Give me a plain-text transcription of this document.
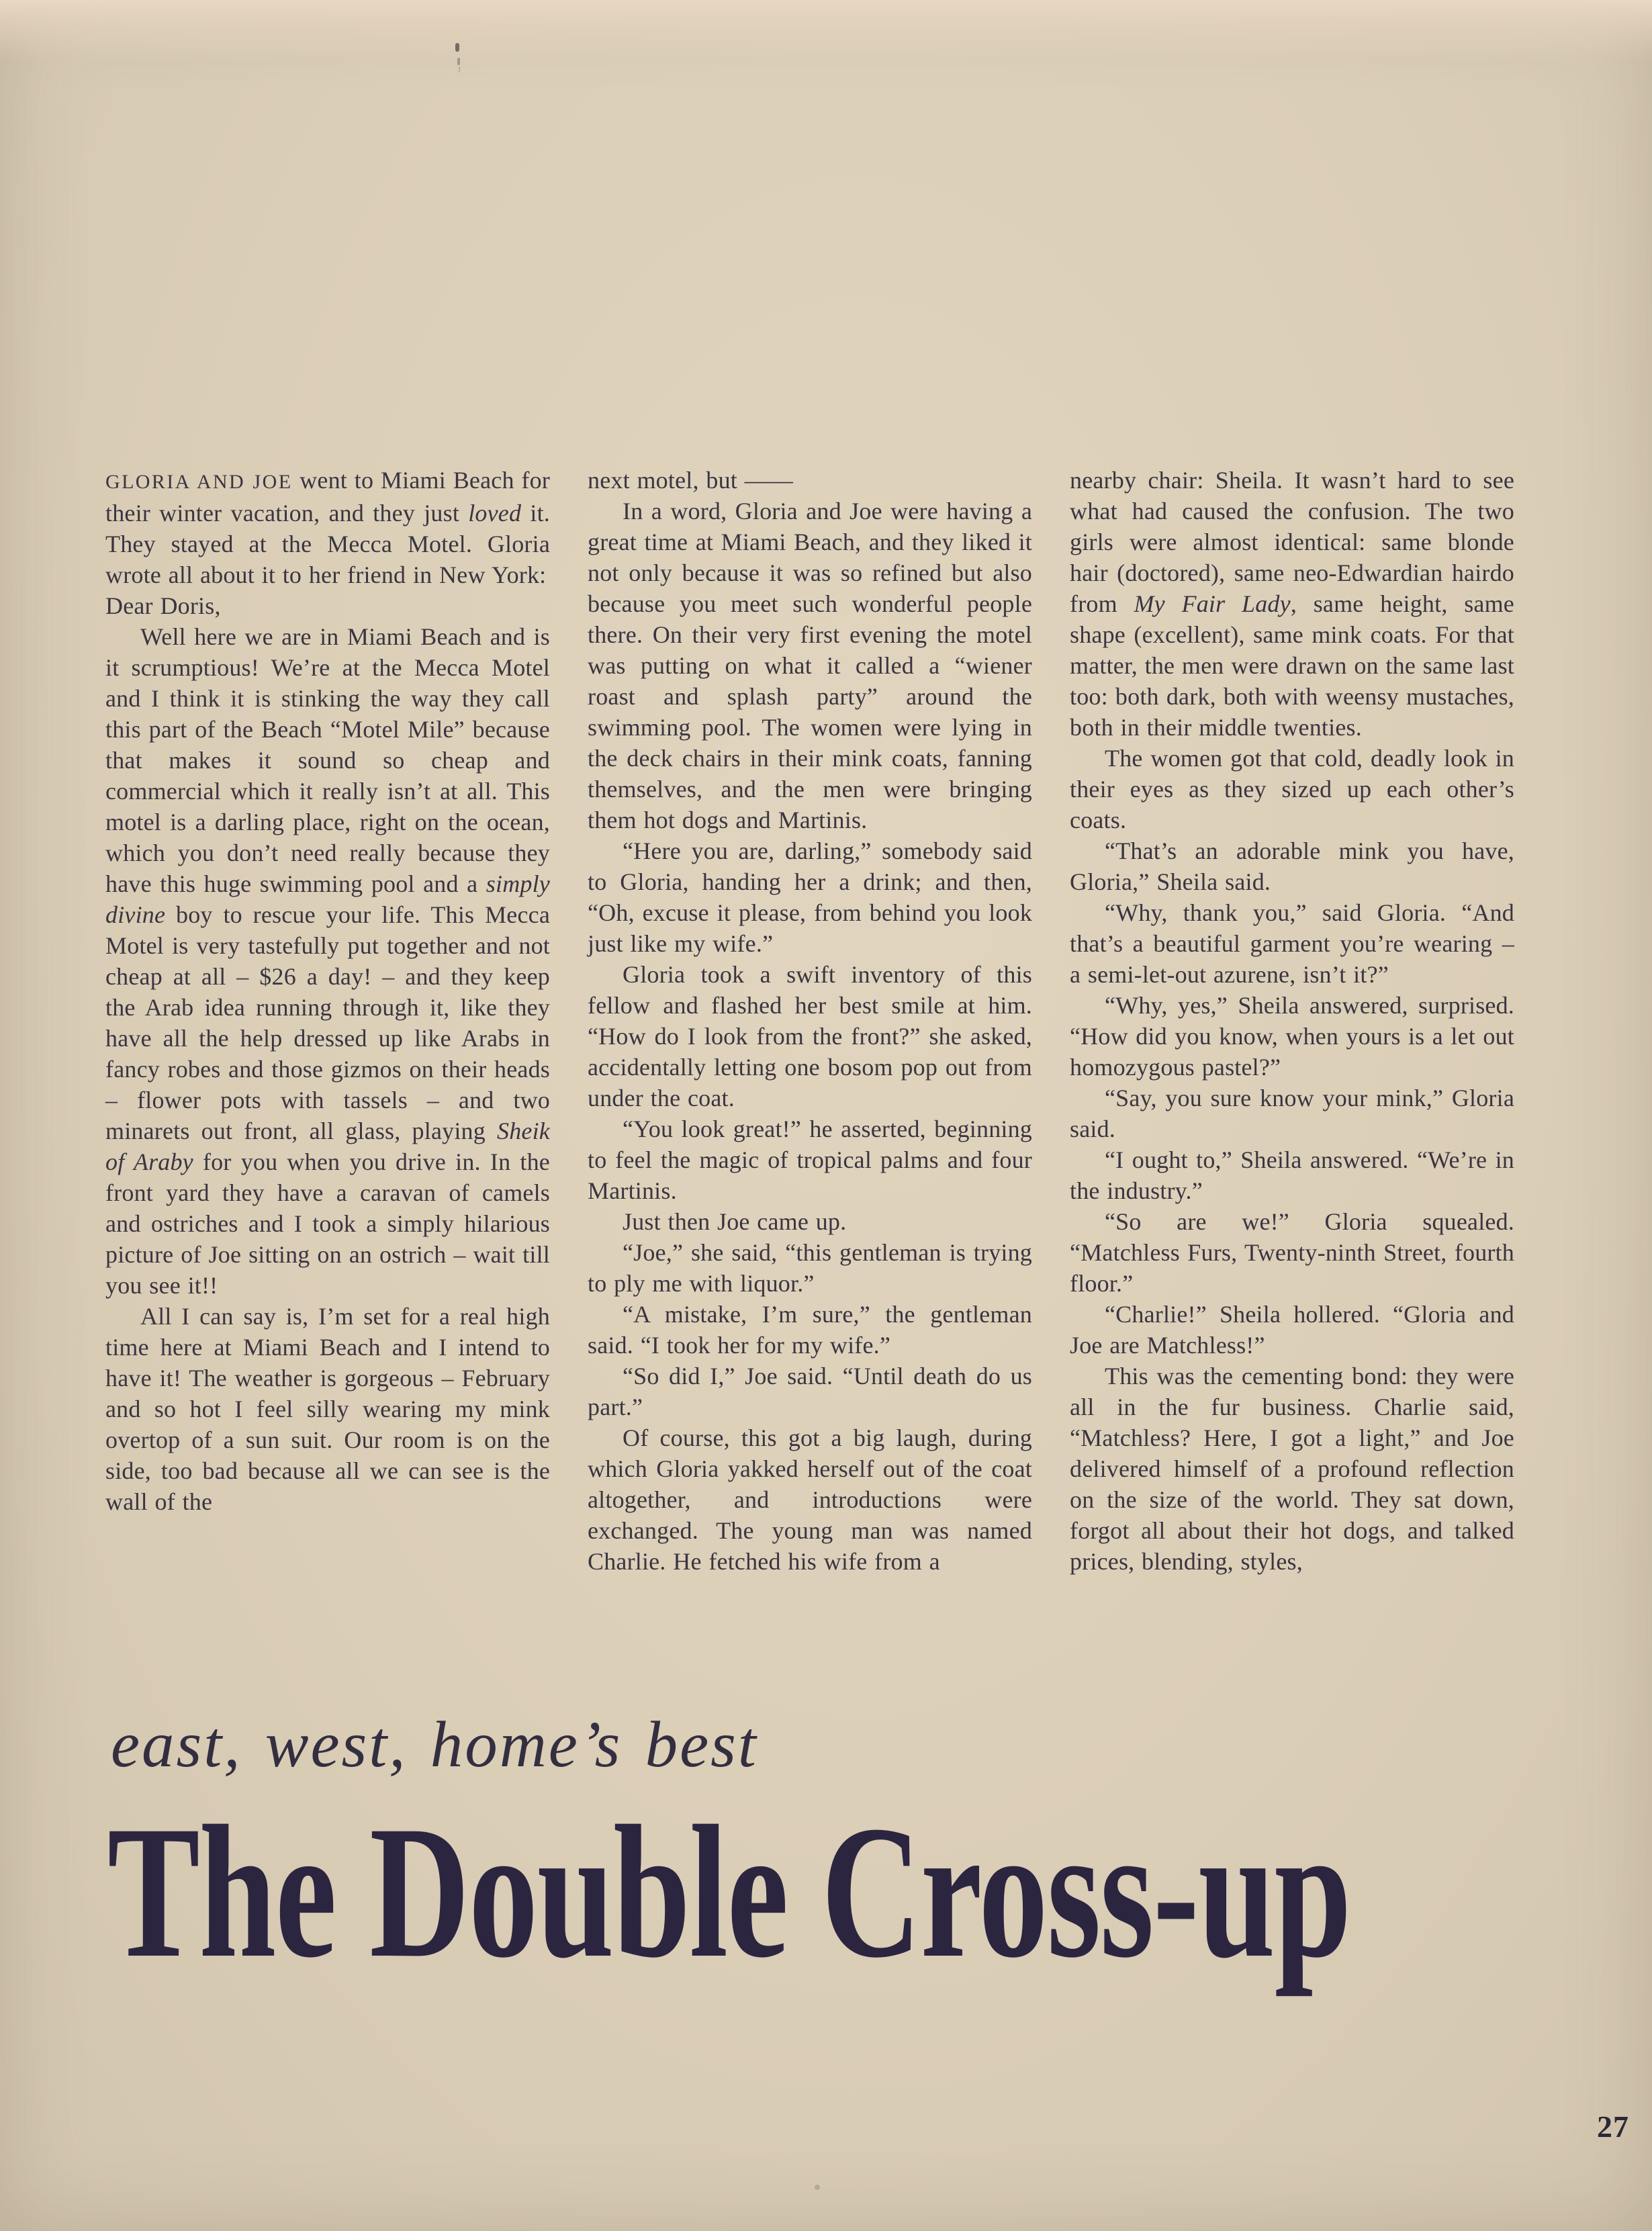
GLORIA AND JOE went to Miami Beach for their winter vacation, and they just loved it. They stayed at the Mecca Motel. Gloria wrote all about it to her friend in New York:

Dear Doris,

Well here we are in Miami Beach and is it scrumptious! We’re at the Mecca Motel and I think it is stinking the way they call this part of the Beach “Motel Mile” because that makes it sound so cheap and commercial which it really isn’t at all. This motel is a darling place, right on the ocean, which you don’t need really because they have this huge swimming pool and a simply divine boy to rescue your life. This Mecca Motel is very tastefully put together and not cheap at all – $26 a day! – and they keep the Arab idea running through it, like they have all the help dressed up like Arabs in fancy robes and those gizmos on their heads – flower pots with tassels – and two minarets out front, all glass, playing Sheik of Araby for you when you drive in. In the front yard they have a caravan of camels and ostriches and I took a simply hilarious picture of Joe sitting on an ostrich – wait till you see it!!

All I can say is, I’m set for a real high time here at Miami Beach and I intend to have it! The weather is gorgeous – February and so hot I feel silly wearing my mink overtop of a sun suit. Our room is on the side, too bad because all we can see is the wall of the

next motel, but ——

In a word, Gloria and Joe were having a great time at Miami Beach, and they liked it not only because it was so refined but also because you meet such wonderful people there. On their very first evening the motel was putting on what it called a “wiener roast and splash party” around the swimming pool. The women were lying in the deck chairs in their mink coats, fanning themselves, and the men were bringing them hot dogs and Martinis.

“Here you are, darling,” somebody said to Gloria, handing her a drink; and then, “Oh, excuse it please, from behind you look just like my wife.”

Gloria took a swift inventory of this fellow and flashed her best smile at him. “How do I look from the front?” she asked, accidentally letting one bosom pop out from under the coat.

“You look great!” he asserted, beginning to feel the magic of tropical palms and four Martinis.

Just then Joe came up.

“Joe,” she said, “this gentleman is trying to ply me with liquor.”

“A mistake, I’m sure,” the gentleman said. “I took her for my wife.”

“So did I,” Joe said. “Until death do us part.”

Of course, this got a big laugh, during which Gloria yakked herself out of the coat altogether, and introductions were exchanged. The young man was named Charlie. He fetched his wife from a

nearby chair: Sheila. It wasn’t hard to see what had caused the confusion. The two girls were almost identical: same blonde hair (doctored), same neo-Edwardian hairdo from My Fair Lady, same height, same shape (excellent), same mink coats. For that matter, the men were drawn on the same last too: both dark, both with weensy mustaches, both in their middle twenties.

The women got that cold, deadly look in their eyes as they sized up each other’s coats.

“That’s an adorable mink you have, Gloria,” Sheila said.

“Why, thank you,” said Gloria. “And that’s a beautiful garment you’re wearing – a semi-let-out azurene, isn’t it?”

“Why, yes,” Sheila answered, surprised. “How did you know, when yours is a let out homozygous pastel?”

“Say, you sure know your mink,” Gloria said.

“I ought to,” Sheila answered. “We’re in the industry.”

“So are we!” Gloria squealed. “Matchless Furs, Twenty-ninth Street, fourth floor.”

“Charlie!” Sheila hollered. “Gloria and Joe are Matchless!”

This was the cementing bond: they were all in the fur business. Charlie said, “Matchless? Here, I got a light,” and Joe delivered himself of a profound reflection on the size of the world. They sat down, forgot all about their hot dogs, and talked prices, blending, styles,

east, west, home’s best
The Double Cross-up
27
